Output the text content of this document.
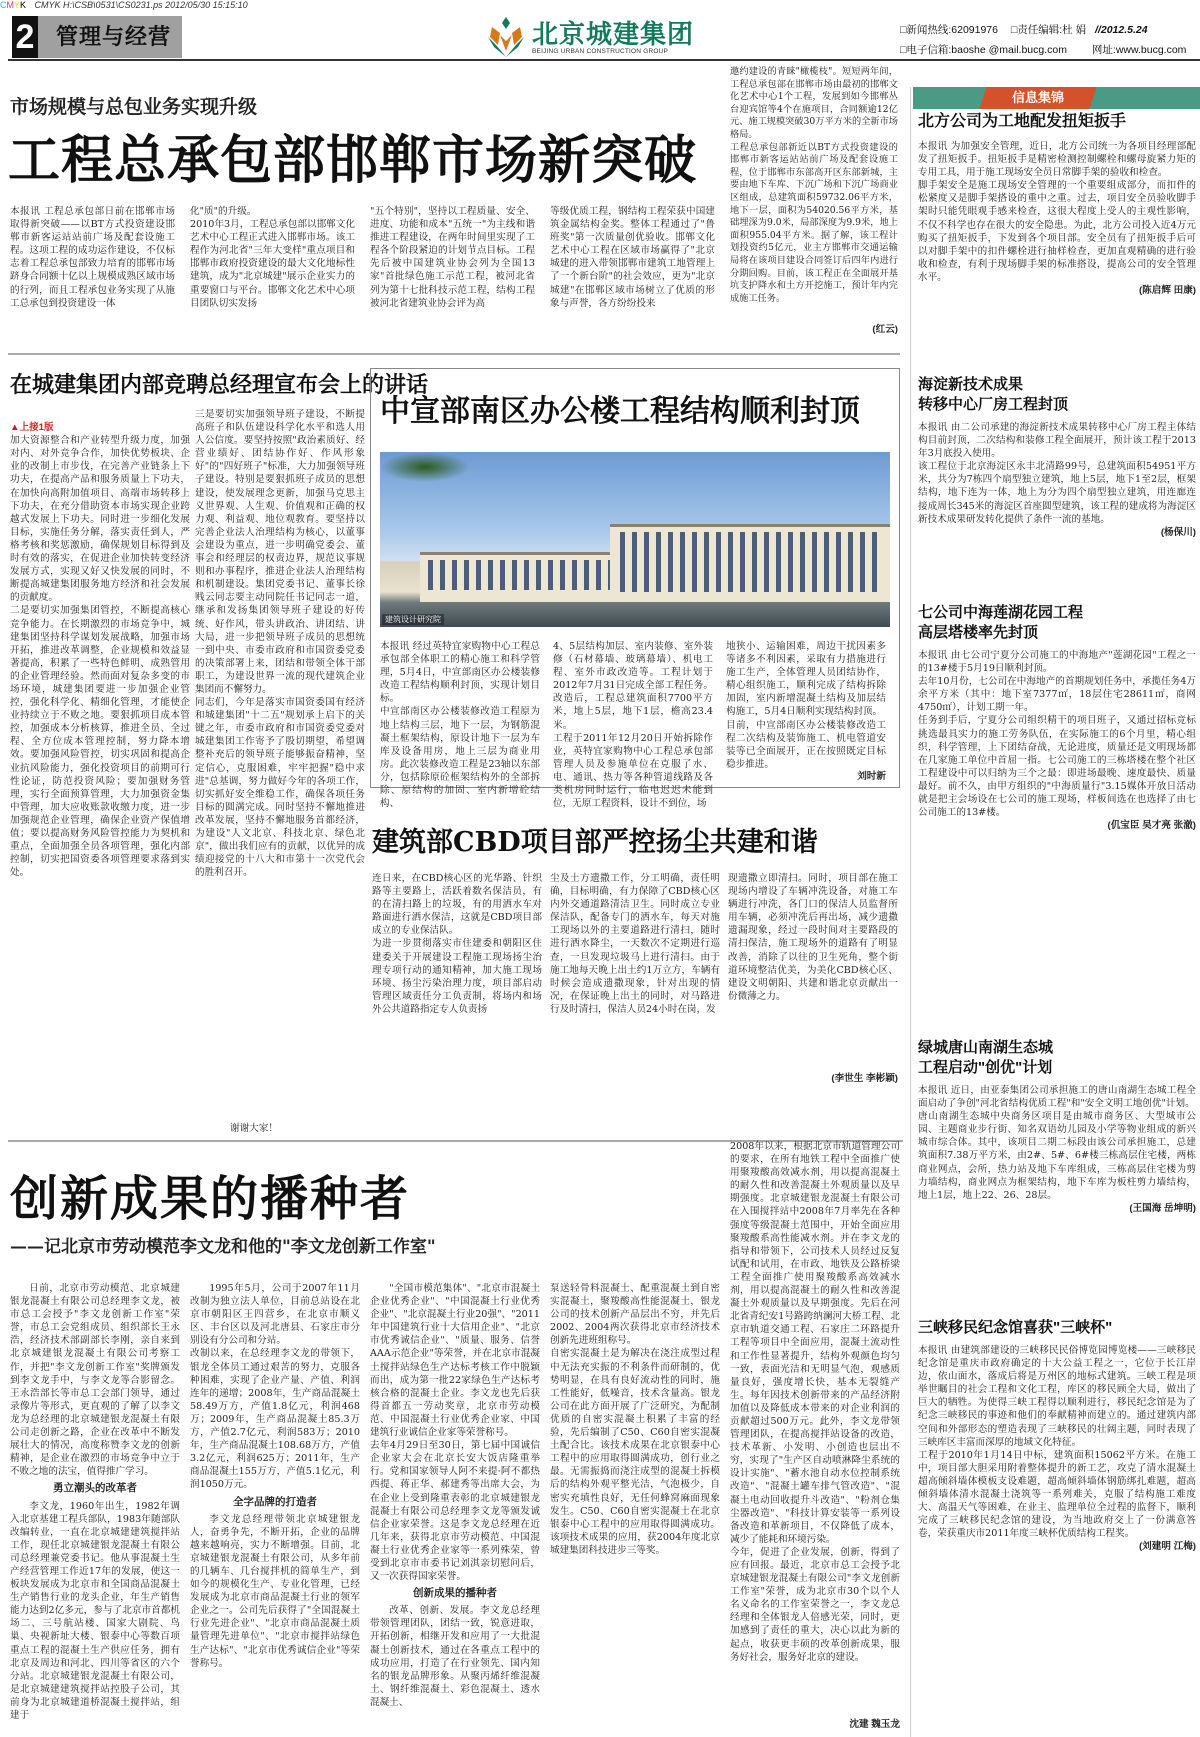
CMYK CMYK H:\CSB\0531\CS0231.ps 2012/05/30 15:15:10
2 管理与经营	北京城建集团
BEIJING URBAN CONSTRUCTION GROUP
□新闻热线:62091976 □责任编辑:杜 娟 //2012.5.24
□电子信箱:baoshe @mail.bucg.com 网址:www.bucg.com
市场规模与总包业务实现升级
工程总承包部邯郸市场新突破
本报讯 工程总承包部日前在邯郸市场取得新突破——以BT方式投资建设邯郸市新客运站站前广场及配套设施工程。这项工程的成功运作建设，不仅标志着工程总承包部致力培育的邯郸市场跻身合同额十亿以上规模成熟区域市场的行列，而且工程承包业务实现了从施工总承包到投资建设一体
化"质"的升级。
2010年3月，工程总承包部以邯郸文化艺术中心工程正式进入邯郸市场。该工程作为河北省"三年大变样"重点项目和邯郸市政府投资建设的最大文化地标性建筑，成为"北京城建"展示企业实力的重要窗口与平台。邯郸文化艺术中心项目团队切实发扬
"五个特别"，坚持以工程质量、安全、进度、功能和成本"五统一"为主线和谐推进工程建设，在两年时间里实现了工程各个阶段紧迫的计划节点目标。工程先后被中国建筑业协会列为全国13家"首批绿色施工示范工程，被河北省列为第十七批科技示范工程，结构工程被河北省建筑业协会评为高
等级优质工程，钢结构工程荣获中国建筑金属结构金奖。整体工程通过了"鲁班奖"第一次质量创优验收。邯郸文化艺术中心工程在区域市场赢得了"北京城建的进入带领邯郸市建筑工地管理上了一个新台阶"的社会效应，更为"北京城建"在邯郸区域市场树立了优质的形象与声誉，各方纷纷投来
邀约建设的青睐"橄榄枝"。短短两年间，工程总承包部在邯郸市场由最初的邯郸文化艺术中心1个工程，发展到如今邯郸丛台迎宾馆等4个在施项目，合同额逾12亿元、施工规模突破30万平方米的全新市场格局。
工程总承包部新近以BT方式投资建设的邯郸市新客运站站前广场及配套设施工程，位于邯郸市东部高开区东部新城，主要由地下车库、下沉广场和下沉广场商业区组成，总建筑面积59732.06平方米，地下一层，面积为54020.56平方米，基础埋深为9.0米，局部深度为9.9米，地上面积955.04平方米。据了解，该工程计划投资约5亿元，业主方邯郸市交通运输局将在该项目建设合同签订后四年内进行分期回购。目前，该工程正在全面展开基坑支护降水和土方开挖施工，预计年内完成施工任务。
(红云)
在城建集团内部竞聘总经理宣布会上的讲话

▲上接1版
加大资源整合和产业转型升级力度，加强对内、对外竞争合作，加快优势板块、企业的改制上市步伐，在完善产业链条上下功夫，在提高产品和服务质量上下功夫，在加快向高附加值项目、高端市场转移上下功夫，在充分借助资本市场实现企业跨越式发展上下功夫。同时进一步细化发展目标，实施任务分解，落实责任到人，严格考核和奖惩激励，确保规划目标得到及时有效的落实，在促进企业加快转变经济发展方式，实现又好又快发展的同时，不断提高城建集团服务地方经济和社会发展的贡献度。
二是要切实加强集团管控，不断提高核心竞争能力。在长期激烈的市场竞争中，城建集团坚持科学谋划发展战略，加强市场开拓，推进改革调整，企业规模和效益显著提高，积累了一些特色鲜明、成熟管用的企业管理经验。然而面对复杂多变的市场环境，城建集团要进一步加强企业管控，强化科学化、精细化管理，才能使企业持续立于不败之地。要狠抓项目成本管控，加强成本分析核算，推进全员、全过程、全方位成本管理控制，努力降本增效。要加强风险管控，切实巩固和提高企业抗风险能力，强化投资项目的前期可行性论证，防范投资风险；要加强财务管理，实行全面预算管理，大力加强资金集中管理，加大应收账款收缴力度，进一步加强规范企业管理，确保企业资产保值增值；要以提高财务风险管控能力为契机和重点，全面加强全员各项管理，强化内部控制，切实把国资委各项管理要求落到实处。

三是要切实加强领导班子建设，不断提高班子和队伍建设科学化水平和选人用人公信度。要坚持按照"政治素质好、经营业绩好、团结协作好、作风形象好"的"四好班子"标准，大力加强领导班子建设。特别是要狠抓班子成员的思想建设，使发展理念更新，加强马克思主义世界观、人生观、价值观和正确的权力观、利益观、地位观教育。要坚持以完善企业法人治理结构为核心，以董事会建设为重点，进一步明确党委会、董事会和经理层的权责边界，规范议事规则和办事程序，推进企业法人治理结构和机制建设。集团党委书记、董事长徐贱云同志要主动同院任书记同志一道，继承和发扬集团领导班子建设的好传统、好作风，带头讲政治、讲团结、讲大局，进一步把领导班子成员的思想统一到中央、市委市政府和市国资委党委的决策部署上来，团结和带领全体干部职工，为建设世界一流的现代建筑企业集团而不懈努力。
同志们，今年是落实市国资委国有经济和城建集团"十二五"规划承上启下的关键之年，市委市政府和市国资委党委对城建集团工作寄予了殷切期望，希望调整补充后的领导班子能够振奋精神，坚定信心，克服困难，牢牢把握"稳中求进"总基调，努力做好今年的各项工作，切实抓好安全维稳工作，确保各项任务目标的圆满完成。同时坚持不懈地推进改革发展，坚持不懈地服务首都经济，为建设"人文北京、科技北京、绿色北京"，做出我们应有的贡献，以优异的成绩迎接党的十八大和市第十一次党代会的胜利召开。
谢谢大家！
中宣部南区办公楼工程结构顺利封顶
建筑设计研究院
本报讯 经过英特宜家购物中心工程总承包部全体职工的精心施工和科学管理，5月4日，中宣部南区办公楼装修改造工程结构顺利封顶，实现计划目标。
中宣部南区办公楼装修改造工程原为地上结构三层，地下一层，为钢筋混凝土框架结构，原设计地下一层为车库及设备用房，地上三层为商业用房。此次装修改造工程是23轴以东部分，包括除原砼框架结构外的全部拆除、原结构的加固、室内新增砼结构、
4、5层结构加层、室内装修、室外装修（石材幕墙、玻璃幕墙）、机电工程、室外市政改造等。工程计划于2012年7月31日完成全部工程任务。改造后，工程总建筑面积7700平方米，地上5层，地下1层，檐高23.4米。
工程于2011年12月20日开始拆除作业，英特宜家购物中心工程总承包部管理人员及参施单位在克服了水、电、通讯、热力等各种管道线路及各类机房同时运行，临电迟迟未能到位，无原工程资料，设计不到位，场
地狭小、运输困难，周边干扰因素多等诸多不利因素，采取有力措施进行施工生产，全体管理人员团结协作，精心组织施工，顺利完成了结构拆除加固，室内新增混凝土结构及加层结构施工，5月4日顺利实现结构封顶。
目前，中宣部南区办公楼装修改造工程二次结构及装饰施工、机电管道安装等已全面展开，正在按照既定目标稳步推进。
刘时新
建筑部CBD项目部严控扬尘共建和谐
连日来，在CBD核心区的光华路、针织路等主要路上，活跃着数名保洁员，有的在清扫路上的垃圾，有的用洒水车对路面进行洒水保洁，这就是CBD项目部成立的专业保洁队。
为进一步贯彻落实市住建委和朝阳区住建委关于开展建设工程施工现场扬尘治理专项行动的通知精神，加大施工现场环境、扬尘污染治理力度，项目部启动管理区域责任分工负责制，将场内和场外公共道路指定专人负责扬
尘及土方遗撒工作，分工明确，责任明确，目标明确，有力保障了CBD核心区内外交通道路清洁卫生。同时成立专业保洁队，配备专门的洒水车，每天对施工现场以外的主要道路进行清扫，随时进行洒水降尘，一天数次不定期进行巡查，一旦发现垃圾马上进行清扫。由于施工地每天晚上出土约1万立方，车辆有时候会造成遗撒现象，针对出现的情况，在保证晚上出土的同时，对马路进行及时清扫，保洁人员24小时在岗，发
现遗撒立即清扫。同时，项目部在施工现场内增设了车辆冲洗设备，对施工车辆进行冲洗，各门口的保洁人员监督所用车辆，必须冲洗后再出场，减少遗撒遗漏现象，经过一段时间对主要路段的清扫保洁，施工现场外的道路有了明显改善，消除了以往的卫生死角，整个街道环境整洁优美，为美化CBD核心区、建设文明朝阳、共建和谐北京贡献出一份微薄之力。
(李世生 李彬颖)
创新成果的播种者
——记北京市劳动模范李文龙和他的"李文龙创新工作室"

日前，北京市劳动模范、北京城建银龙混凝土有限公司总经理李文龙，被市总工会授予"李文龙创新工作室"荣誉，市总工会党组成员、组织部长王永浩，经济技术部副部长李刚，亲自来到北京城建银龙混凝土有限公司考察工作，并把"李文龙创新工作室"奖牌颁发到李文龙手中，与李文龙等合影留念。王永浩部长等市总工会部门领导，通过录像片等形式，更直观的了解了以李文龙为总经理的北京城建银龙混凝土有限公司走创新之路，企业在改革中不断发展壮大的情况，高度称赞李文龙的创新精神，是企业在激烈的市场竞争中立于不败之地的法宝，值得推广学习。

勇立潮头的改革者

李文龙，1960年出生，1982年调入北京基建工程兵部队，1983年随部队改编转业，一直在北京城建建筑搅拌站工作，现任北京城建银龙混凝土有限公司总经理兼党委书记。他从事混凝土生产经营管理工作近17年的发展，使这一板块发展成为北京市和全国商品混凝土生产销售行业的龙头企业，年生产销售能力达到2亿多元，参与了北京市首都机场二、三号航站楼、国家大剧院、鸟巢、央视新址大楼、银泰中心等数百项重点工程的混凝土生产供应任务，拥有北京及周边和河北、四川等省区的六个分站。北京城建银龙混凝土有限公司，是北京城建建筑搅拌站控股子公司，其前身为北京城建道桥混凝土搅拌站，组建于

1995年5月，公司于2007年11月改制为独立法人单位，目前总站设在北京市朝阳区王四营乡，在北京市顺义区、丰台区以及河北唐县、石家庄市分别设有分公司和分站。
改制以来，在总经理李文龙的带领下，银龙全体员工通过艰苦的努力，克服各种困难，实现了企业产量、产值、利润连年的递增；2008年，生产商品混凝土58.49万方，产值1.8亿元，利润468万；2009年，生产商品混凝土85.3万方，产值2.7亿元，利润583万；2010年，生产商品混凝土108.68万方，产值3.2亿元，利润625万；2011年，生产商品混凝土155万方，产值5.1亿元，利润1050万元。

全字品牌的打造者

李文龙总经理带领北京城建银龙人，奋勇争先，不断开拓，企业的品牌越来越响亮，实力不断增强。目前，北京城建银龙混凝土有限公司，从多年前的几辆车、几台搅拌机的简单生产，到如今的规模化生产、专业化管理，已经发展成为北京市商品混凝土行业的领军企业之一。公司先后获得了"全国混凝土行业先进企业"、"北京市商品混凝土质量管理先进单位"、"北京市搅拌站绿色生产达标"、"北京市优秀诚信企业"等荣誉称号。

"全国市模范集体"、"北京市混凝土企业优秀企业"、"中国混凝土行业优秀企业"、"北京混凝土行业20强"、"2011年中国建筑行业十大信用企业"、"北京市优秀诚信企业"、"质量、服务、信誉AAA示范企业"等荣誉，并在北京市混凝土搅拌站绿色生产达标考核工作中脱颖而出，成为第一批22家绿色生产达标考核合格的混凝土企业。李文龙也先后获得首都五一劳动奖章，北京市劳动模范、中国混凝土行业优秀企业家、中国建筑行业诚信企业家等荣誉称号。
去年4月29日至30日，第七届中国诚信企业家大会在北京长安大饭店隆重举行。党和国家领导人阿不来提·阿不都热西提、蒋正华、郝建秀等出席大会，为在企业上受到隆重表彰的北京城建银龙混凝土有限公司总经理李文龙等颁发诚信企业家荣誉。这是李文龙总经理在近几年来，获得北京市劳动模范、中国混凝土行业优秀企业家等一系列殊荣，曾受到北京市市委书记刘淇亲切慰问后，又一次获得国家荣誉。

创新成果的播种者

改革、创新、发展。李文龙总经理带领管理团队，团结一致，锐意进取，开拓创新，相继开发和应用了一大批混凝土创新技术，通过在各重点工程中的成功应用，打造了在行业领先、国内知名的银龙品牌形象。从聚丙烯纤维混凝土、钢纤维混凝土、彩色混凝土、透水混凝土、

泵送轻骨料混凝土、配重混凝土到自密实混凝土，聚羧酸高性能混凝土，银龙公司的技术创新产品层出不穷，并先后2002、2004两次获得北京市经济技术创新先进班组称号。
自密实混凝土是为解决在浇注成型过程中无法充实振的不利条件而研制的，优势明显，在具有良好流动性的同时，施工性能好，低噪音，技术含量高。银龙公司在此方面开展了广泛研究，为配制优质的自密实混凝土积累了丰富的经验，先后编制了C50、C60自密实混凝土配合比。该技术成果在北京银泰中心工程中的应用取得圆满成功，创行业之最。无需振捣而浇注成型的混凝土拆模后的结构外观平整光洁，气泡极少，自密实充填性良好，无任何蜂窝麻面现象发生。C50、C60自密实混凝土在北京银泰中心工程中的应用取得圆满成功。该项技术成果的应用，获2004年度北京城建集团科技进步三等奖。
2008年以来，根据北京市轨道管理公司的要求，在所有地铁工程中全面推广使用聚羧酸高效减水剂，用以提高混凝土的耐久性和改善混凝土外观质量以及早期强度。北京城建银龙混凝土有限公司在入围搅拌站中2008年7月率先在各种强度等级混凝土范围中，开始全面应用聚羧酸系高性能减水剂。并在李文龙的指导和带领下，公司技术人员经过反复试配和试用，在市政、地铁及公路桥梁工程全面推广使用聚羧酸系高效减水剂，用以提高混凝土的耐久性和改善混凝土外观质量以及早期强度。先后在河北省青纪安1号路跨纳澜河大桥工程、北京市轨道交通工程、石家庄二环路提升工程等项目中全面应用，混凝土流动性和工作性显著提升，结构外观颜色均匀一致，表面光洁和无明显气泡，观感质量良好，强度增长快，基本无裂缝产生。每年因技术创新带来的产品经济附加值以及降低成本带来的对企业利润的贡献超过500万元。此外，李文龙带领管理团队，在提高搅拌站设备的改造，技术革新、小发明、小创造也层出不穷，实现了"生产区自动喷淋降尘系统的设计实施"、"蓄水池自动水位控制系统改造"、"混凝土罐车排气管改造"、"混凝土电动回收提升斗改造"、"粉剂仓集尘器改造"、"科技计算安装等一系列设备改造和革新项目，不仅降低了成本，减少了能耗和环境污染。
今年，促进了企业发展，创新，得到了应有回报。最近，北京市总工会授予北京城建银龙混凝土有限公司"李文龙创新工作室"荣誉，成为北京市30个以个人名义命名的工作室荣誉之一，李文龙总经理和全体银龙人倍感光荣，同时，更加感到了责任的重大，决心以此为新的起点，收获更丰硕的改革创新成果，服务好社会，服务好北京的建设。
沈建 魏玉龙
信息集锦
北方公司为工地配发扭矩扳手
本报讯 为加强安全管理，近日，北方公司统一为各项目经理部配发了扭矩扳手。扭矩扳手是精密检测控制螺栓和螺母旋紧力矩的专用工具，用于施工现场安全员日常脚手架的验收和检查。
脚手架安全是施工现场安全管理的一个重要组成部分，而扣件的松紧度又是脚手架搭设的重中之重。过去，项目安全员验收脚手架时只能凭眼观手感来检查，这很大程度上受人的主观性影响，不仅不科学也存在很大的安全隐患。为此，北方公司投入近4万元购买了扭矩扳手，下发到各个项目部。安全员有了扭矩扳手后可以对脚手架中的扣件螺栓进行抽样检查，更加直观精确的进行验收和检查，有利于现场脚手架的标准搭设，提高公司的安全管理水平。
(陈启辉 田康)
海淀新技术成果
转移中心厂房工程封顶
本报讯 由二公司承建的海淀新技术成果转移中心厂房工程主体结构目前封顶，二次结构和装修工程全面展开，预计该工程于2013年3月底投入使用。
该工程位于北京海淀区永丰北清路99号，总建筑面积54951平方米，共分为7栋四个扇型独立建筑，地上5层，地下1至2层，框架结构，地下连为一体，地上为分为四个扇型独立建筑，用连廊连接成周长345米的海淀区首座圆型建筑，该工程的建成将为海淀区新技术成果研发转化提供了条件一流的基地。
(杨保川)
七公司中海莲湖花园工程
高层塔楼率先封顶
本报讯 由七公司宁夏分公司施工的中海地产"莲湖花园"工程之一的13#楼于5月19日顺利封顶。
去年10月份，七公司在中海地产的首期规划任务中，承揽任务4万余平方米（其中：地下室7377㎡，18层住宅28611㎡，商网4750㎡），计划工期一年。
任务到手后，宁夏分公司组织精干的项目班子，又通过招标竞标挑选最具实力的施工劳务队伍，在实际施工的6个月里，精心组织，科学管理，上下团结奋战，无论进度，质量还是文明现场都在几家施工单位中首屈一指。七公司施工的三栋塔楼在整个社区工程建设中可以归纳为三个之最：即进场最晚、速度最快、质量最好。前不久，由甲方组织的"中海质量行"3.15媒体开放日活动就是把主会场设在七公司的施工现场，样板间选在也选择了由七公司施工的13#楼。
(仉宝臣 吴才亮 张澈)
绿城唐山南湖生态城
工程启动"创优"计划
本报讯 近日，由亚泰集团公司承担施工的唐山南湖生态城工程全面启动了争创"河北省结构优质工程"和"安全文明工地创优"计划。
唐山南湖生态城中央商务区项目是由城市商务区、大型城市公园、主题商业步行街、知名双语幼儿园及小学等物业组成的新兴城市综合体。其中，该项目二期二标段由该公司承担施工，总建筑面积7.38万平方米，由2#、5#、6#楼三栋高层住宅楼，两栋商业网点，会所，热力站及地下车库组成，三栋高层住宅楼为剪力墙结构，商业网点为框架结构，地下车库为板柱剪力墙结构，地上1层，地上22、26、28层。
(王国海 岳坤明)
三峡移民纪念馆喜获"三峡杯"
本报讯 由建筑部建设的三峡移民民俗博览园博览楼——三峡移民纪念馆是重庆市政府确定的十大公益工程之一，它位于长江岸边，依山面水，落成后将是万州区的地标式建筑。三峡工程是项举世瞩目的社会工程和文化工程，库区的移民顾全大局，做出了巨大的牺牲。为使得三峡工程得以顺利进行，移民纪念馆是为了纪念三峡移民的事迹和他们的奉献精神而建立的。通过建筑内部空间和外部形态的塑造表现了三峡移民的壮阔主题，同时表现了三峡库区丰富而深厚的地域文化特征。
工程于2010年1月14日中标，建筑面积15062平方米。在施工中，项目部大胆采用附着整体提升的新工艺，攻克了清水混凝土超高倾斜墙体模板支设难题，超高倾斜墙体钢筋绑扎难题，超高倾斜墙体清水混凝土浇筑等一系列难关，克服了结构施工难度大、高温天气等困难，在业主、监理单位全过程的监督下，顺利完成了三峡移民纪念馆的建设，为当地政府交上了一份满意答卷，荣获重庆市2011年度三峡杯优质结构工程奖。
(刘建明 江梅)
